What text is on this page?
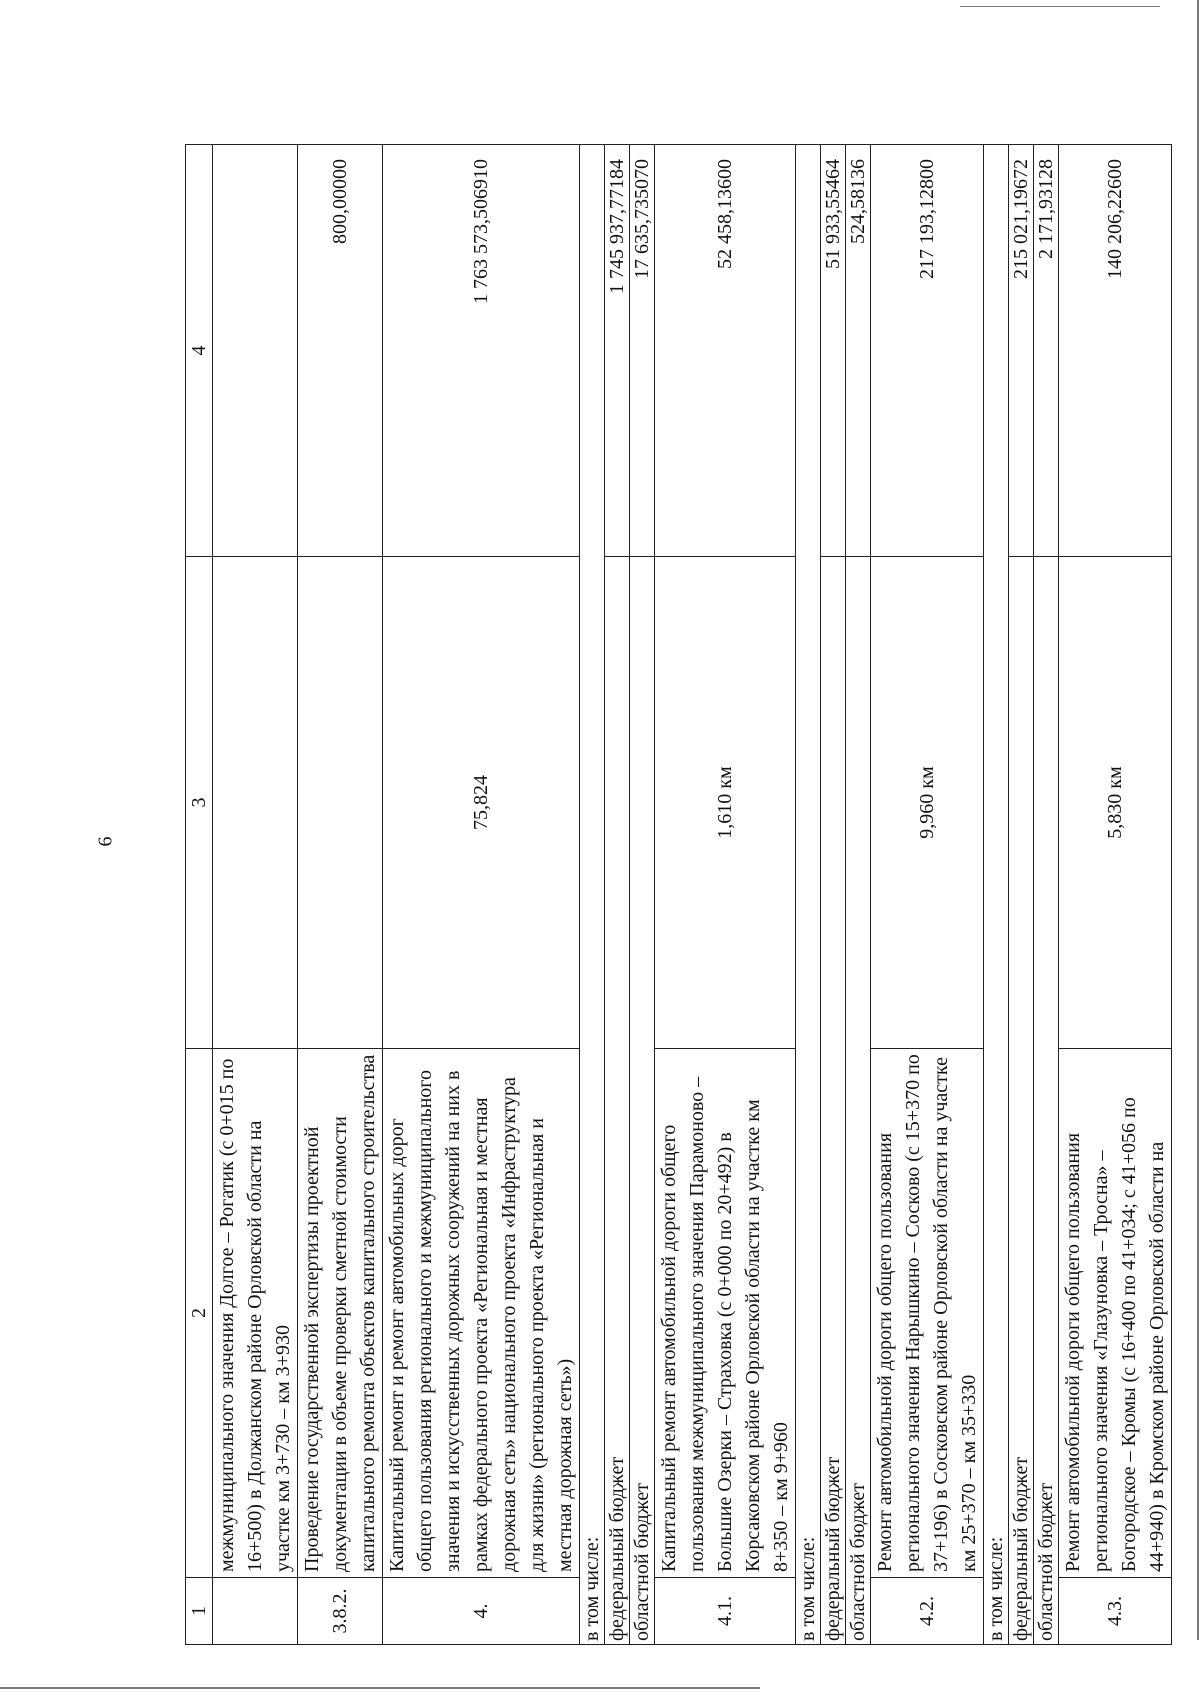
6
1	2	3	4
	межмуниципального значения Долгое – Рогатик (с 0+015 по 16+500) в Должанском районе Орловской области на участке км 3+730 – км 3+930		
3.8.2.	Проведение государственной экспертизы проектной документации в объеме проверки сметной стоимости капитального ремонта объектов капитального строительства		800,00000
4.	Капитальный ремонт и ремонт автомобильных дорог общего пользования регионального и межмуниципального значения и искусственных дорожных сооружений на них в рамках федерального проекта «Региональная и местная дорожная сеть» национального проекта «Инфраструктура для жизни» (регионального проекта «Региональная и местная дорожная сеть»)	75,824	1 763 573,506910
в том числе:			
федеральный бюджет			1 745 937,77184
областной бюджет			17 635,735070
4.1.	Капитальный ремонт автомобильной дороги общего пользования межмуниципального значения Парамоново – Большие Озерки – Страховка (с 0+000 по 20+492) в Корсаковском районе Орловской области на участке км 8+350 – км 9+960	1,610 км	52 458,13600
в том числе:			
федеральный бюджет			51 933,55464
областной бюджет			524,58136
4.2.	Ремонт автомобильной дороги общего пользования регионального значения Нарышкино – Сосково (с 15+370 по 37+196) в Сосковском районе Орловской области на участке км 25+370 – км 35+330	9,960 км	217 193,12800
в том числе:			
федеральный бюджет			215 021,19672
областной бюджет			2 171,93128
4.3.	Ремонт автомобильной дороги общего пользования регионального значения «Глазуновка – Тросна» – Богородское – Кромы (с 16+400 по 41+034; с 41+056 по 44+940) в Кромском районе Орловской области на	5,830 км	140 206,22600
